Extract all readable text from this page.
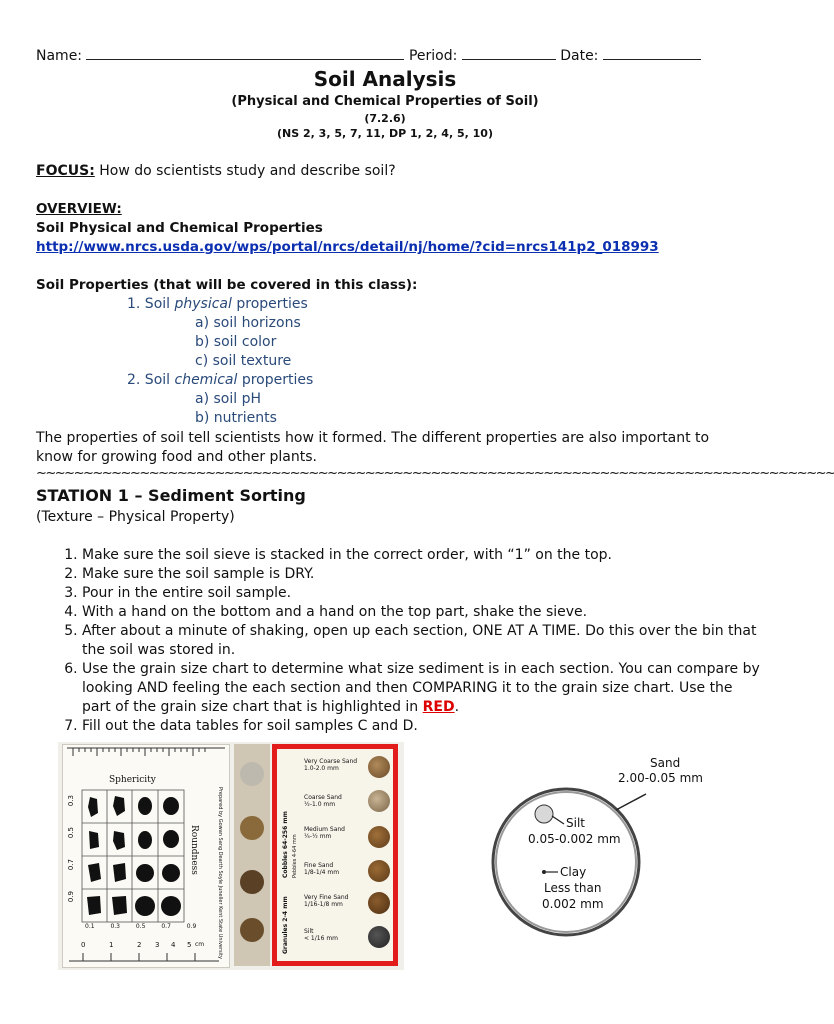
Name:	Period:	Date:
Soil Analysis
(Physical and Chemical Properties of Soil)
(7.2.6)
(NS 2, 3, 5, 7, 11, DP 1, 2, 4, 5, 10)
FOCUS: How do scientists study and describe soil?
OVERVIEW:
Soil Physical and Chemical Properties
http://www.nrcs.usda.gov/wps/portal/nrcs/detail/nj/home/?cid=nrcs141p2_018993
Soil Properties (that will be covered in this class):
1. Soil physical properties
a) soil horizons
b) soil color
c) soil texture
2. Soil chemical properties
a) soil pH
b) nutrients
The properties of soil tell scientists how it formed. The different properties are also important to know for growing food and other plants.
~~~~~~~~~~~~~~~~~~~~~~~~~~~~~~~~~~~~~~~~~~~~~~~~~~~~~~~~~~~~~~~~~~~~~~~~~~~~~~~~~~~~~
STATION 1 – Sediment Sorting
(Texture – Physical Property)
1. Make sure the soil sieve is stacked in the correct order, with “1” on the top.
2. Make sure the soil sample is DRY.
3. Pour in the entire soil sample.
4. With a hand on the bottom and a hand on the top part, shake the sieve.
5. After about a minute of shaking, open up each section, ONE AT A TIME. Do this over the bin that the soil was stored in.
6. Use the grain size chart to determine what size sediment is in each section. You can compare by looking AND feeling the each section and then COMPARING it to the grain size chart. Use the part of the grain size chart that is highlighted in RED.
7. Fill out the data tables for soil samples C and D.
Sphericity
0.3
0.5
0.7
0.9
0.1 0.3 0.5 0.7 0.9
Roundness	Prepared by Gowan Sang Dearth Soyle Juneller Kent State University
0	1	2 3 4 5 cm
Cobbles 64-256 mm
Granules 2-4 mm
Pebbles 4-64 mm
Very Coarse Sand
1.0-2.0 mm
Coarse Sand
½-1.0 mm
Medium Sand
¼-½ mm
Fine Sand
1/8-1/4 mm
Very Fine Sand
1/16-1/8 mm
Silt
< 1/16 mm
Sand
2.00-0.05 mm
Silt
0.05-0.002 mm
Clay
Less than
0.002 mm
